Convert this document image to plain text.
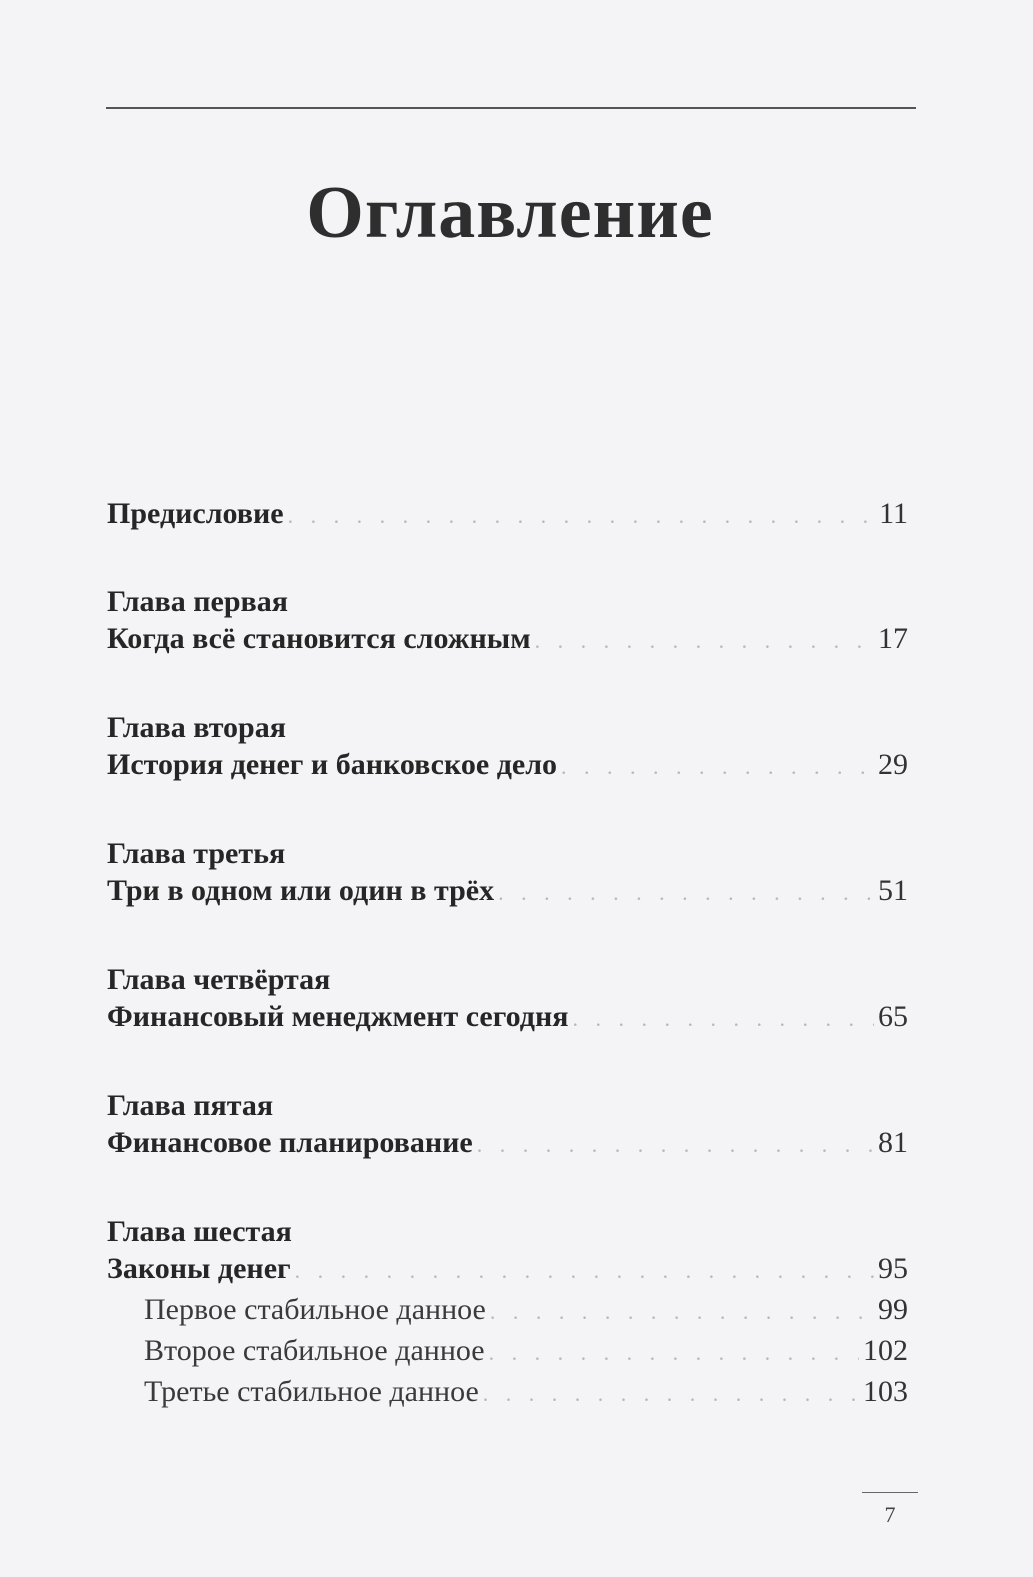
Оглавление
Предисловие . . .	11
Глава первая
Когда всё становится сложным . . .	17
Глава вторая
История денег и банковское дело . . .	29
Глава третья
Три в одном или один в трёх . . .	51
Глава четвёртая
Финансовый менеджмент сегодня . . .	65
Глава пятая
Финансовое планирование . . .	81
Глава шестая
Законы денег . . .	95
Первое стабильное данное . . .	99
Второе стабильное данное . . .	102
Третье стабильное данное . . .	103
7
